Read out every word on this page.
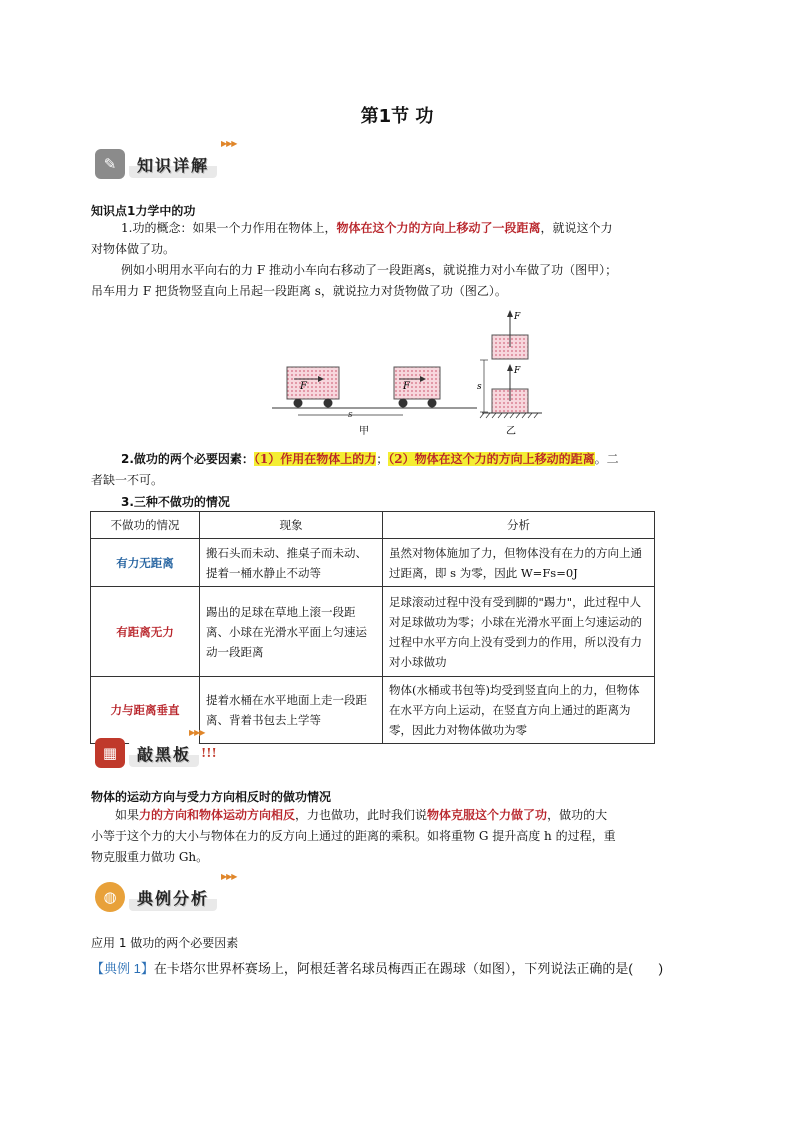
第1节 功
✎	知识详解
▶▶▶
知识点1力学中的功
1.功的概念：如果一个力作用在物体上，物体在这个力的方向上移动了一段距离，就说这个力
对物体做了功。
例如小明用水平向右的力 F 推动小车向右移动了一段距离s，就说推力对小车做了功（图甲）；
吊车用力 F 把货物竖直向上吊起一段距离 s，就说拉力对货物做了功（图乙）。
F	F
s
甲
F
F
s
乙
2.做功的两个必要因素：（1）作用在物体上的力；（2）物体在这个力的方向上移动的距离。二
者缺一不可。
3.三种不做功的情况
不做功的情况	现象	分析
有力无距离	搬石头而未动、推桌子而未动、提着一桶水静止不动等	虽然对物体施加了力，但物体没有在力的方向上通过距离，即 s 为零，因此 W=Fs=0J
有距离无力	踢出的足球在草地上滚一段距离、小球在光滑水平面上匀速运动一段距离	足球滚动过程中没有受到脚的"踢力"，此过程中人对足球做功为零；小球在光滑水平面上匀速运动的过程中水平方向上没有受到力的作用，所以没有力对小球做功
力与距离垂直	提着水桶在水平地面上走一段距离、背着书包去上学等	物体(水桶或书包等)均受到竖直向上的力，但物体在水平方向上运动，在竖直方向上通过的距离为零，因此力对物体做功为零
▦	敲黑板 !!!
▶▶▶
物体的运动方向与受力方向相反时的做功情况
如果力的方向和物体运动方向相反，力也做功，此时我们说物体克服这个力做了功，做功的大
小等于这个力的大小与物体在力的反方向上通过的距离的乘积。如将重物 G 提升高度 h 的过程，重
物克服重力做功 Gh。
◍	典例分析
▶▶▶
应用 1 做功的两个必要因素
【典例 1】在卡塔尔世界杯赛场上，阿根廷著名球员梅西正在踢球（如图），下列说法正确的是(　　)
